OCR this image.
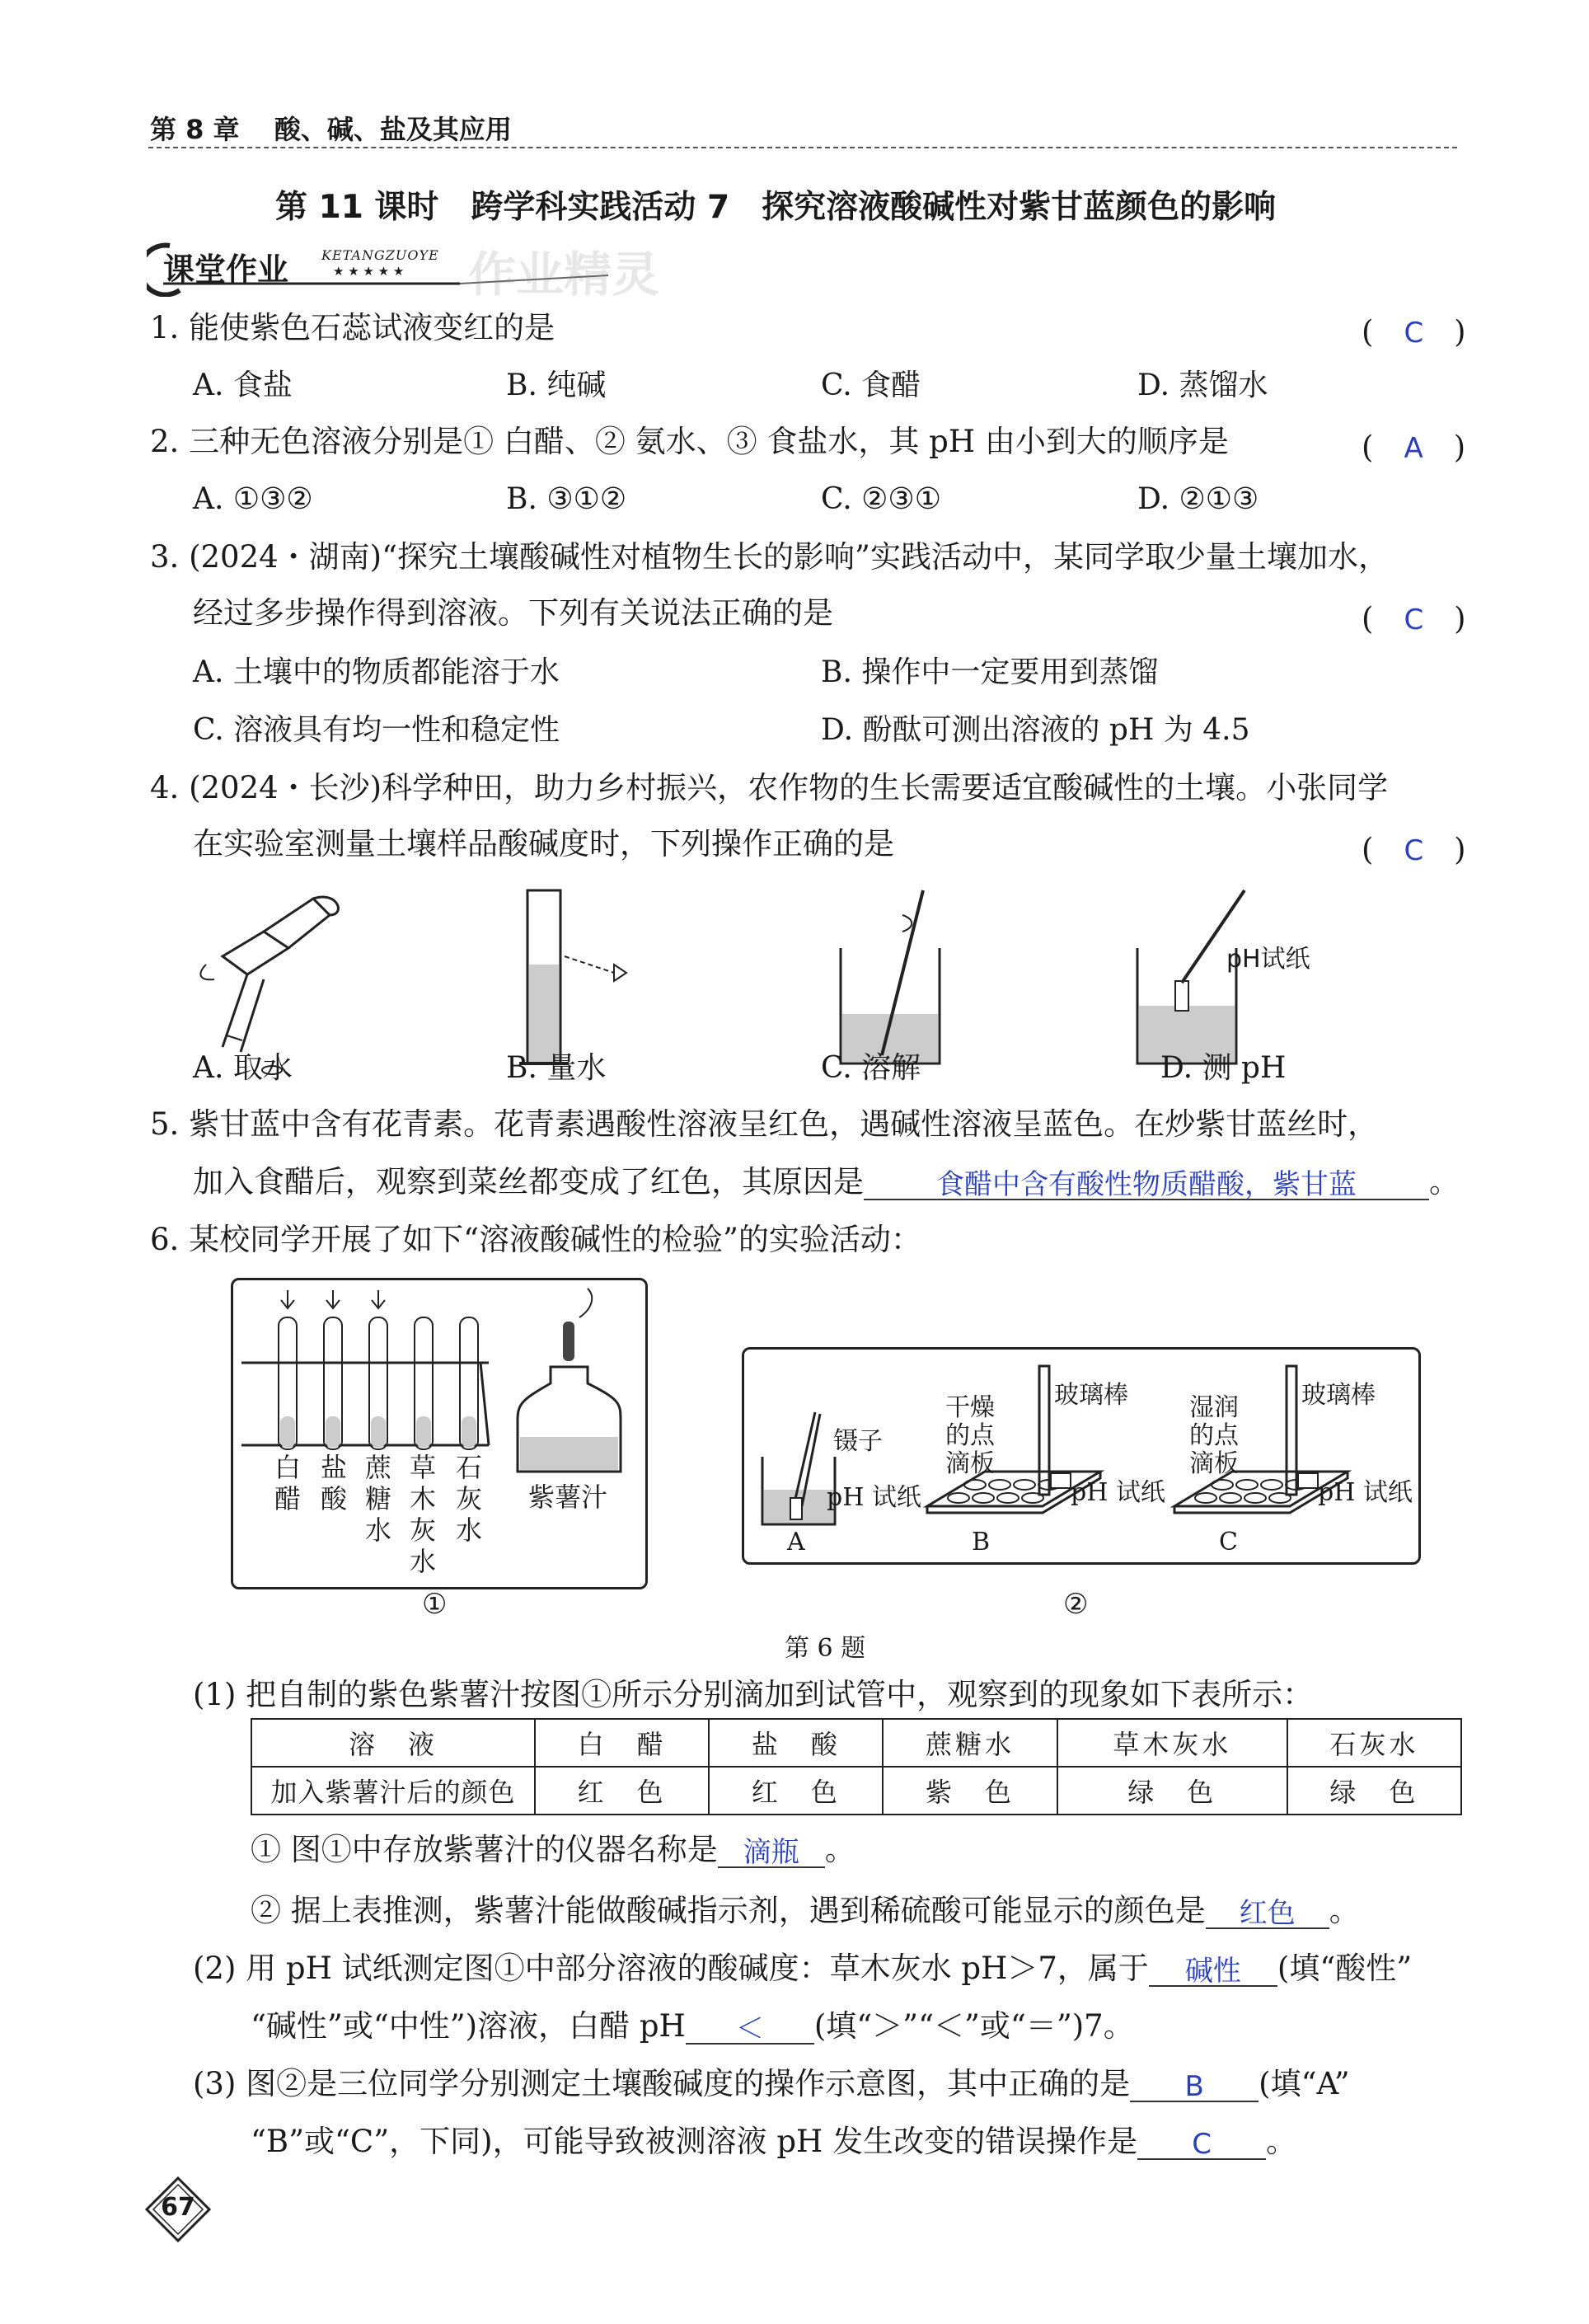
第 8 章 酸、碱、盐及其应用
第 11 课时　跨学科实践活动 7　探究溶液酸碱性对紫甘蓝颜色的影响
课堂作业 KETANGZUOYE
★ ★ ★ ★ ★ 作业精灵
1. 能使紫色石蕊试液变红的是	(　C　)
A. 食盐	B. 纯碱	C. 食醋	D. 蒸馏水
2. 三种无色溶液分别是① 白醋、② 氨水、③ 食盐水，其 pH 由小到大的顺序是	(　A　)
A. ①③②	B. ③①②	C. ②③①	D. ②①③
3. (2024・湖南)“探究土壤酸碱性对植物生长的影响”实践活动中，某同学取少量土壤加水，
经过多步操作得到溶液。下列有关说法正确的是	(　C　)
A. 土壤中的物质都能溶于水	B. 操作中一定要用到蒸馏
C. 溶液具有均一性和稳定性	D. 酚酞可测出溶液的 pH 为 4.5
4. (2024・长沙)科学种田，助力乡村振兴，农作物的生长需要适宜酸碱性的土壤。小张同学
在实验室测量土壤样品酸碱度时，下列操作正确的是	(　C　)
pH试纸
A. 取水	B. 量水	C. 溶解	D. 测 pH
5. 紫甘蓝中含有花青素。花青素遇酸性溶液呈红色，遇碱性溶液呈蓝色。在炒紫甘蓝丝时，
加入食醋后，观察到菜丝都变成了红色，其原因是	食醋中含有酸性物质醋酸，紫甘蓝 。
6. 某校同学开展了如下“溶液酸碱性的检验”的实验活动：
白醋
盐酸
蔗糖水
草木灰水
石灰水
紫薯汁
①
镊子
pH 试纸
干燥的点滴板
玻璃棒
pH 试纸
湿润的点滴板
玻璃棒
pH 试纸
A	B	C
②
第 6 题
(1) 把自制的紫色紫薯汁按图①所示分别滴加到试管中，观察到的现象如下表所示：
溶　液	白　醋	盐　酸	蔗糖水	草木灰水	石灰水
加入紫薯汁后的颜色	红　色	红　色	紫　色	绿　色	绿　色
① 图①中存放紫薯汁的仪器名称是 滴瓶 。
② 据上表推测，紫薯汁能做酸碱指示剂，遇到稀硫酸可能显示的颜色是 红色 。
(2) 用 pH 试纸测定图①中部分溶液的酸碱度：草木灰水 pH＞7，属于 碱性 (填“酸性”
“碱性”或“中性”)溶液，白醋 pH ＜ (填“＞”“＜”或“＝”)7。
(3) 图②是三位同学分别测定土壤酸碱度的操作示意图，其中正确的是 B (填“A”
“B”或“C”，下同)，可能导致被测溶液 pH 发生改变的错误操作是 C 。
67
